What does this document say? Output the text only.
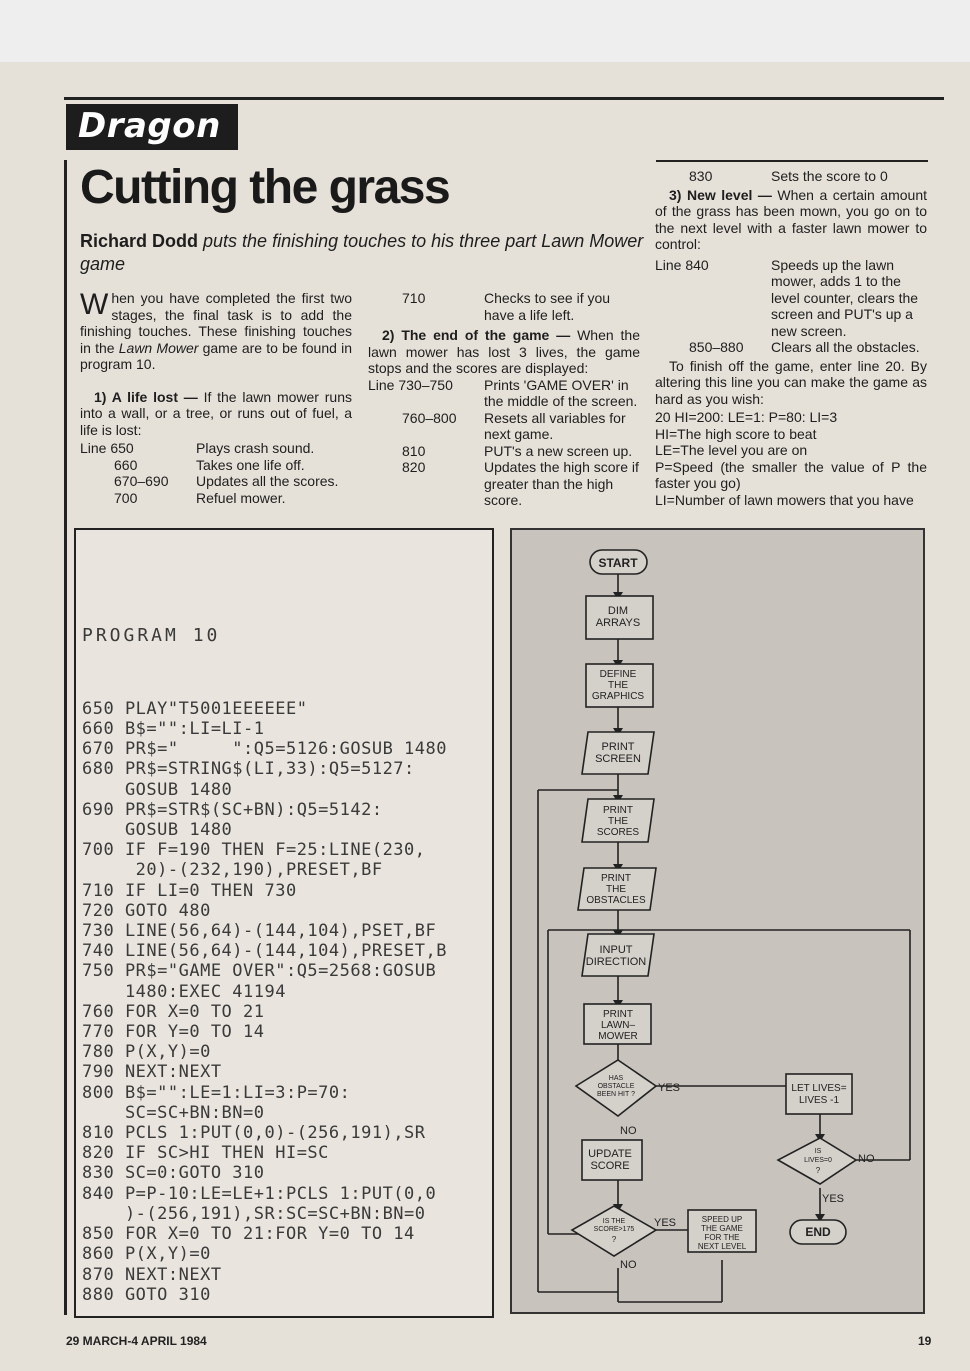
Dragon
Cutting the grass
Richard Dodd puts the finishing touches to his three part Lawn Mower game

When you have completed the first two stages, the final task is to add the finishing touches. These finishing touches in the Lawn Mower game are to be found in program 10.

1) A life lost — If the lawn mower runs into a wall, or a tree, or runs out of fuel, a life is lost:

Line 650	Plays crash sound.
660	Takes one life off.
670–690	Updates all the scores.
700	Refuel mower.
710	Checks to see if you have a life left.

2) The end of the game — When the lawn mower has lost 3 lives, the game stops and the scores are displayed:

Line 730–750	Prints 'GAME OVER' in the middle of the screen.
760–800	Resets all variables for next game.
810	PUT's a new screen up.
820	Updates the high score if greater than the high score.
830	Sets the score to 0

3) New level — When a certain amount of the grass has been mown, you go on to the next level with a faster lawn mower to control:

Line 840	Speeds up the lawn mower, adds 1 to the level counter, clears the screen and PUT's up a new screen.
850–880	Clears all the obstacles.

To finish off the game, enter line 20. By altering this line you can make the game as hard as you wish:

20 HI=200: LE=1: P=80: LI=3

HI=The high score to beat

LE=The level you are on

P=Speed (the smaller the value of P the faster you go)

LI=Number of lawn mowers that you have

PROGRAM 10

650 PLAY"T5001EEEEEE"
660 B$="":LI=LI-1
670 PR$="     ":Q5=5126:GOSUB 1480
680 PR$=STRING$(LI,33):Q5=5127:
GOSUB 1480
690 PR$=STR$(SC+BN):Q5=5142:
GOSUB 1480
700 IF F=190 THEN F=25:LINE(230,
20)-(232,190),PRESET,BF
710 IF LI=0 THEN 730
720 GOTO 480
730 LINE(56,64)-(144,104),PSET,BF
740 LINE(56,64)-(144,104),PRESET,B
750 PR$="GAME OVER":Q5=2568:GOSUB
1480:EXEC 41194
760 FOR X=0 TO 21
770 FOR Y=0 TO 14
780 P(X,Y)=0
790 NEXT:NEXT
800 B$="":LE=1:LI=3:P=70:
SC=SC+BN:BN=0
810 PCLS 1:PUT(0,0)-(256,191),SR
820 IF SC>HI THEN HI=SC
830 SC=0:GOTO 310
840 P=P-10:LE=LE+1:PCLS 1:PUT(0,0
)-(256,191),SR:SC=SC+BN:BN=0
850 FOR X=0 TO 21:FOR Y=0 TO 14
860 P(X,Y)=0
870 NEXT:NEXT
880 GOTO 310
START
DIM
ARRAYS
DEFINE
THE
GRAPHICS
PRINT
SCREEN
PRINT
THE
SCORES
PRINT
THE
OBSTACLES
INPUT
DIRECTION
PRINT
LAWN–
MOWER
HAS
OBSTACLE
BEEN HIT ?
YES
NO
UPDATE
SCORE
IS THE
SCORE>175
?
YES
NO
SPEED UP
THE GAME
FOR THE
NEXT LEVEL
LET LIVES=
LIVES -1
IS
LIVES=0
?
NO
YES
END
29 MARCH-4 APRIL 1984	19
